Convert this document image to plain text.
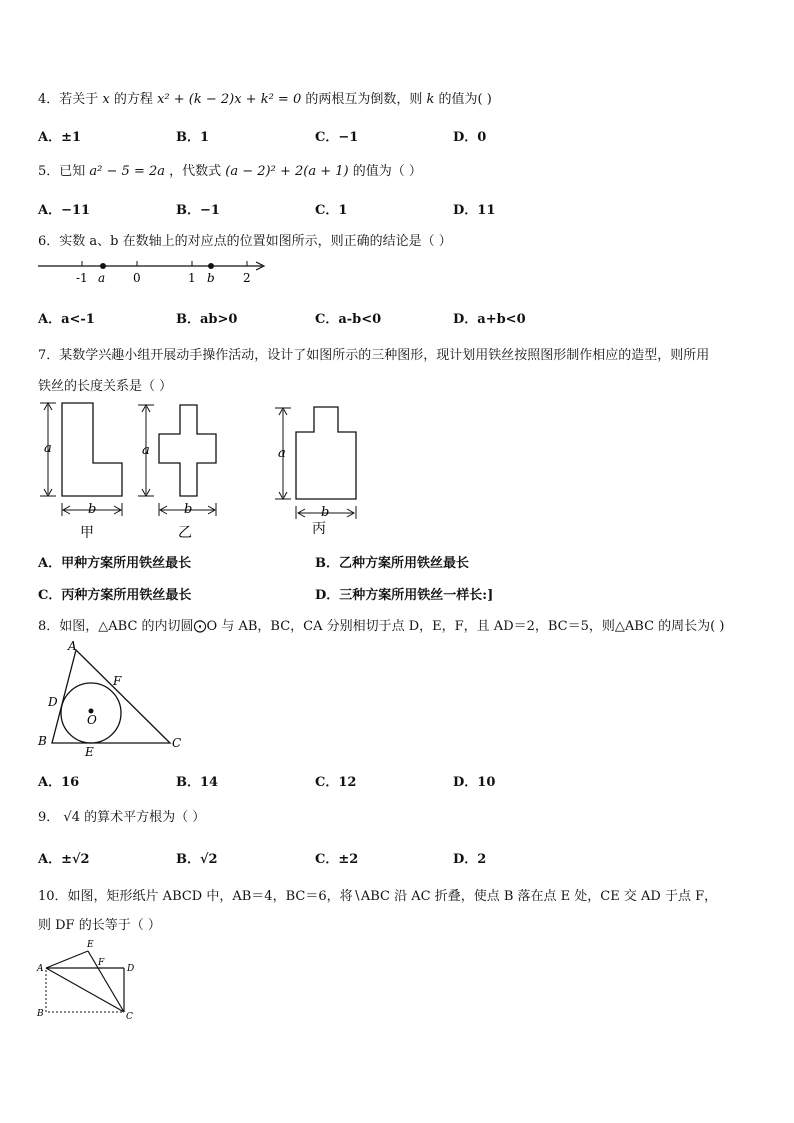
4．若关于 x 的方程 x² + (k − 2)x + k² = 0 的两根互为倒数，则 k 的值为( )
A．±1	B．1	C．−1	D．0
5．已知 a² − 5 = 2a ，代数式 (a − 2)² + 2(a + 1) 的值为（ ）
A．−11	B．−1	C．1	D．11
6．实数 a、b 在数轴上的对应点的位置如图所示，则正确的结论是（ ）
-1	0	1	2
a	b
A．a<-1	B．ab>0	C．a-b<0	D．a+b<0
7．某数学兴趣小组开展动手操作活动，设计了如图所示的三种图形，现计划用铁丝按照图形制作相应的造型，则所用
铁丝的长度关系是（ ）
a
b
甲
a
b
乙
a
b
丙
A．甲种方案所用铁丝最长	B．乙种方案所用铁丝最长
C．丙种方案所用铁丝最长	D．三种方案所用铁丝一样长:]
8．如图，△ABC 的内切圆⨀O 与 AB，BC，CA 分别相切于点 D，E，F，且 AD＝2，BC＝5，则△ABC 的周长为( )
A
B	C
D
E
F
O
A．16	B．14	C．12	D．10
9． √4 的算术平方根为（ ）
A．±√2	B．√2	C．±2	D．2
10．如图，矩形纸片 ABCD 中，AB＝4，BC＝6，将∖ABC 沿 AC 折叠，使点 B 落在点 E 处，CE 交 AD 于点 F，
则 DF 的长等于（ ）
A
B	C
D
E
F
